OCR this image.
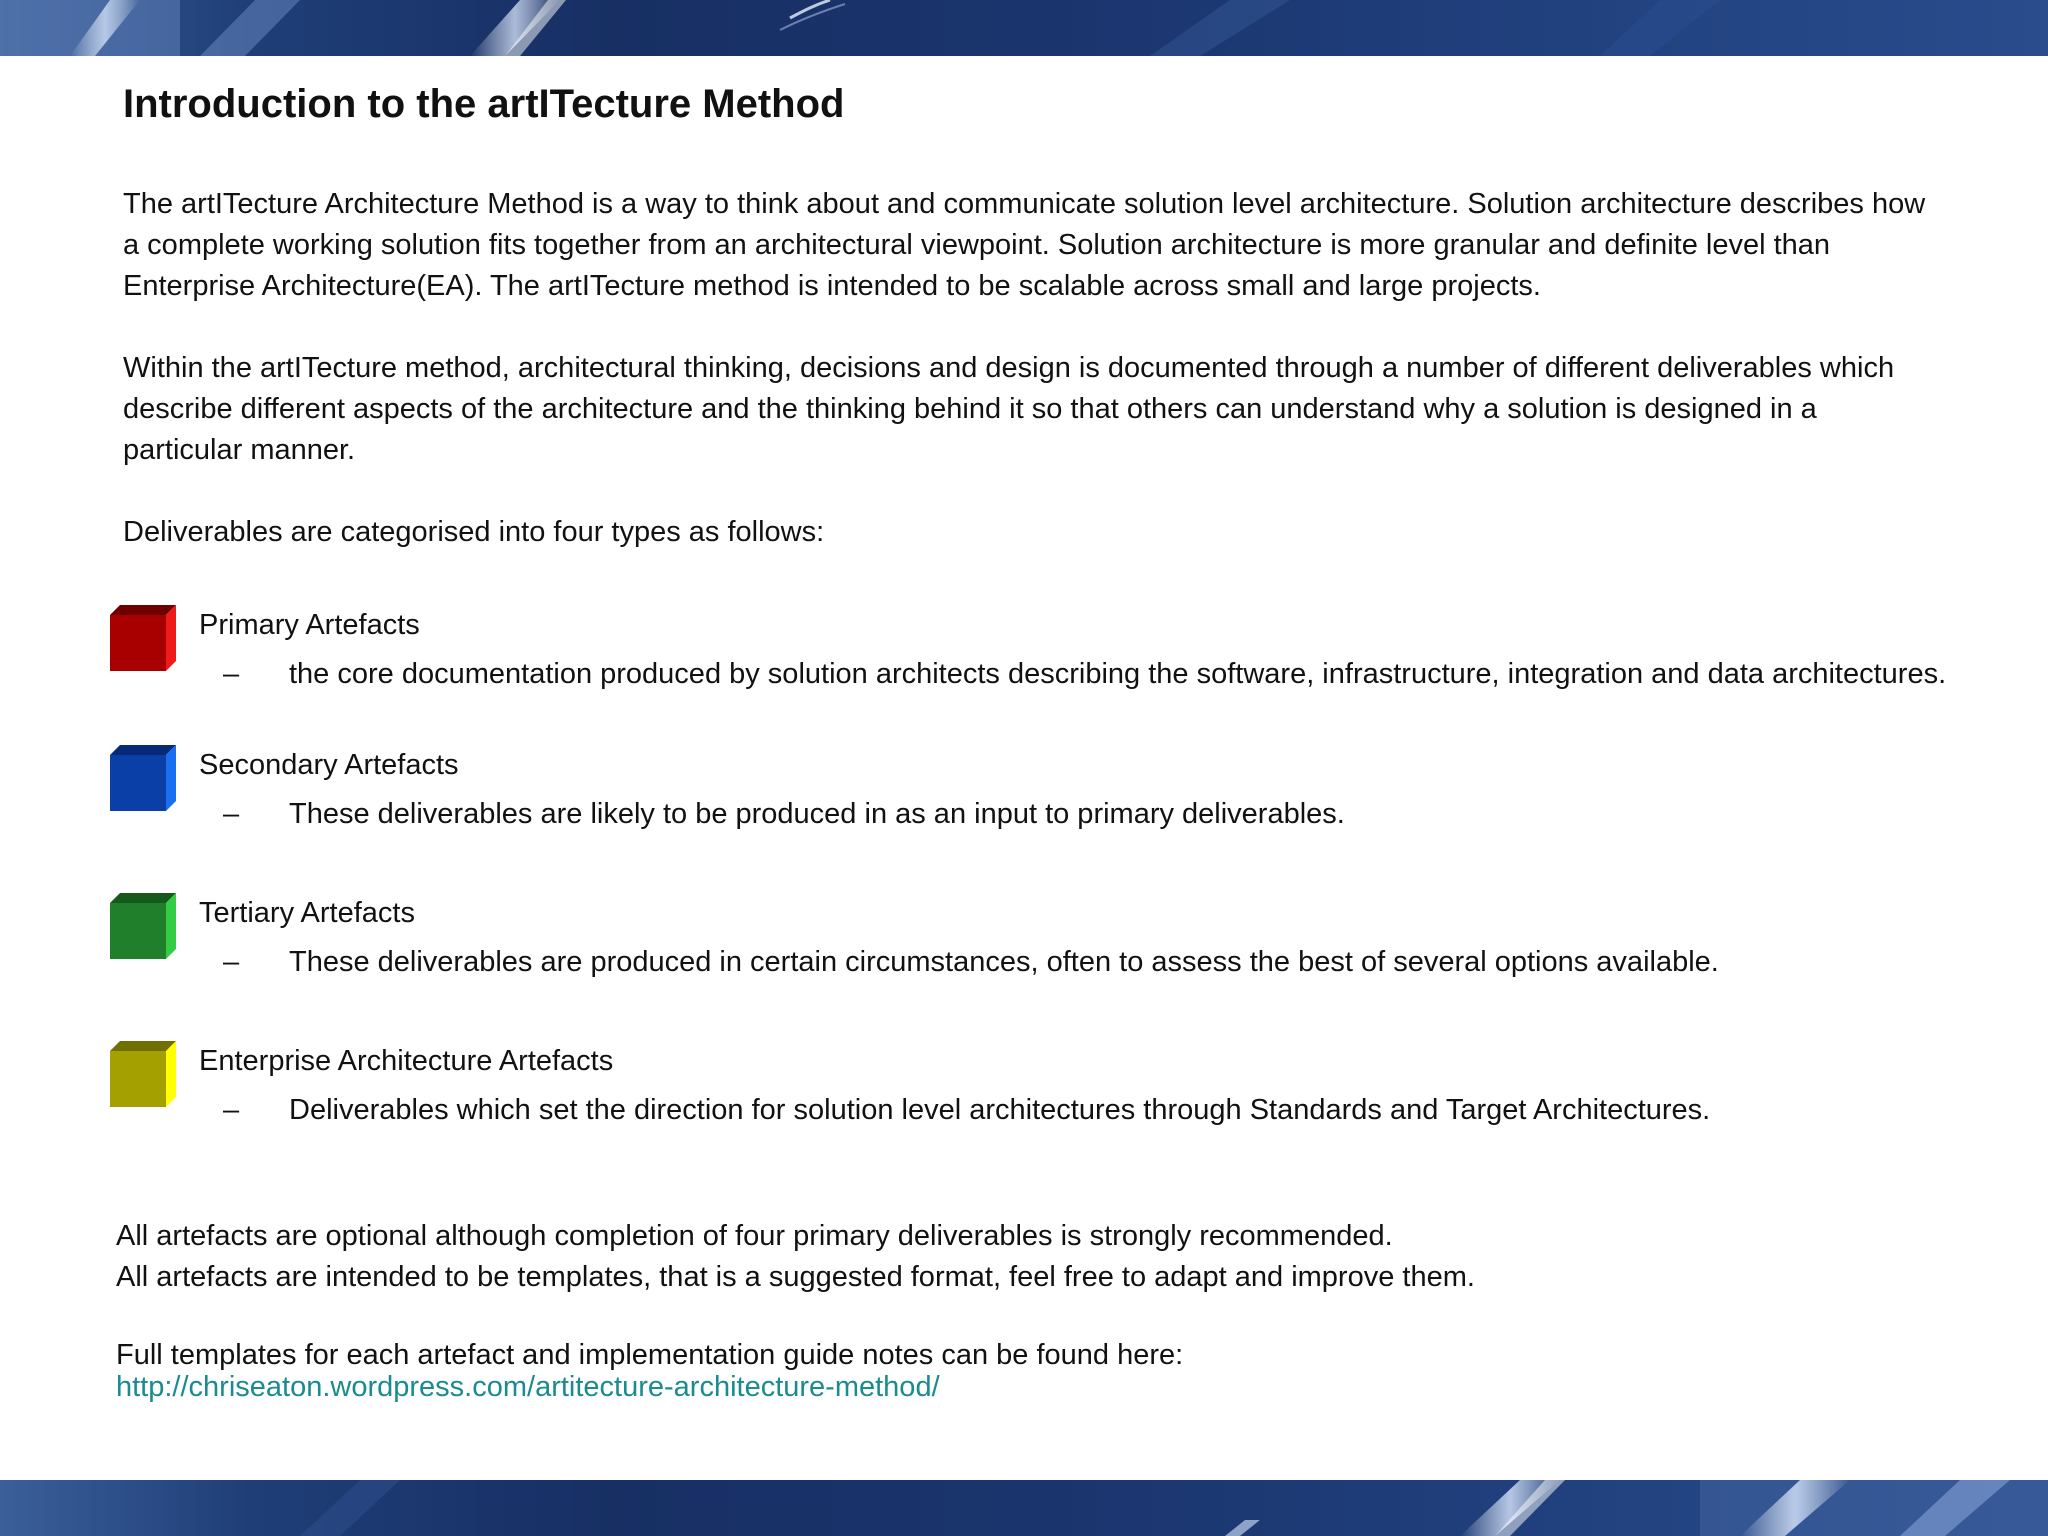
Introduction to the artITecture Method

The artITecture Architecture Method is a way to think about and communicate solution level architecture. Solution architecture describes how a complete working solution fits together from an architectural viewpoint. Solution architecture is more granular and definite level than Enterprise Architecture(EA). The artITecture method is intended to be scalable across small and large projects.

Within the artITecture method, architectural thinking, decisions and design is documented through a number of different deliverables which describe different aspects of the architecture and the thinking behind it so that others can understand why a solution is designed in a particular manner.

Deliverables are categorised into four types as follows:

Primary Artefacts

– the core documentation produced by solution architects describing the software, infrastructure, integration and data architectures.

Secondary Artefacts

– These deliverables are likely to be produced in as an input to primary deliverables.

Tertiary Artefacts

– These deliverables are produced in certain circumstances, often to assess the best of several options available.

Enterprise Architecture Artefacts

– Deliverables which set the direction for solution level architectures through Standards and Target Architectures.

All artefacts are optional although completion of four primary deliverables is strongly recommended.
All artefacts are intended to be templates, that is a suggested format, feel free to adapt and improve them.
Full templates for each artefact and implementation guide notes can be found here:
http://chriseaton.wordpress.com/artitecture-architecture-method/
